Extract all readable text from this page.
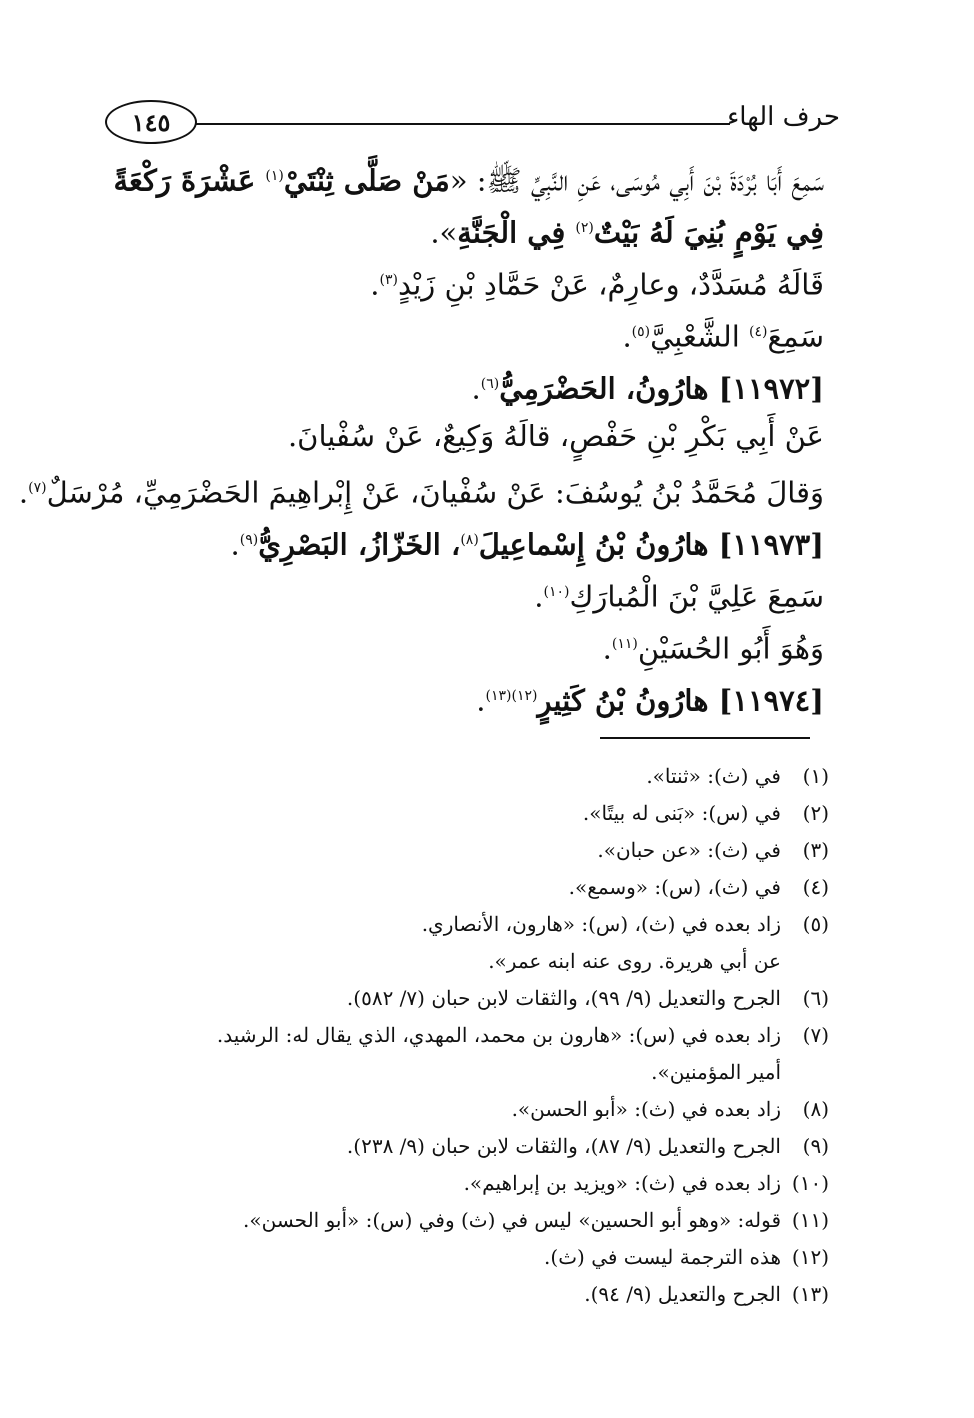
١٤٥	حرف الهاء
سَمِعَ أَبَا بُرْدَةَ بْنَ أَبِي مُوسَى، عَنِ النَّبِيِّ ﷺ: «مَنْ صَلَّى ثِنْتَيْ$^{(١)}$ عَشْرَةَ رَكْعَةً
فِي يَوْمٍ بُنِيَ لَهُ بَيْتٌ$^{(٢)}$ فِي الْجَنَّةِ».
قَالَهُ مُسَدَّدٌ، وعارِمٌ، عَنْ حَمَّادِ بْنِ زَيْدٍ$^{(٣)}$.
سَمِعَ$^{(٤)}$ الشَّعْبِيَّ$^{(٥)}$.
[١١٩٧٢] هارُونُ، الحَضْرَمِيُّ$^{(٦)}$.
عَنْ أَبِي بَكْرِ بْنِ حَفْصٍ، قالَهُ وَكِيعٌ، عَنْ سُفْيانَ.
وَقالَ مُحَمَّدُ بْنُ يُوسُفَ: عَنْ سُفْيانَ، عَنْ إِبْراهِيمَ الحَضْرَمِيِّ، مُرْسَلٌ$^{(٧)}$.
[١١٩٧٣] هارُونُ بْنُ إِسْماعِيلَ$^{(٨)}$، الخَزّازُ، البَصْرِيُّ$^{(٩)}$.
سَمِعَ عَلِيَّ بْنَ الْمُبارَكِ$^{(١٠)}$.
وَهُوَ أَبُو الحُسَيْنِ$^{(١١)}$.
[١١٩٧٤] هارُونُ بْنُ كَثِيرٍ$^{(١٢)(١٣)}$.
(١)في (ث): «ثنتا».
(٢)في (س): «بَنى له بيتًا».
(٣)في (ث): «عن حبان».
(٤)في (ث)، (س): «وسمع».
(٥)زاد بعده في (ث)، (س): «هارون، الأنصاري.
عن أبي هريرة. روى عنه ابنه عمر».
(٦)الجرح والتعديل (٩/ ٩٩)، والثقات لابن حبان (٧/ ٥٨٢).
(٧)زاد بعده في (س): «هارون بن محمد، المهدي، الذي يقال له: الرشيد.
أمير المؤمنين».
(٨)زاد بعده في (ث): «أبو الحسن».
(٩)الجرح والتعديل (٩/ ٨٧)، والثقات لابن حبان (٩/ ٢٣٨).
(١٠)زاد بعده في (ث): «ويزيد بن إبراهيم».
(١١)قوله: «وهو أبو الحسين» ليس في (ث) وفي (س): «أبو الحسن».
(١٢)هذه الترجمة ليست في (ث).
(١٣)الجرح والتعديل (٩/ ٩٤).
